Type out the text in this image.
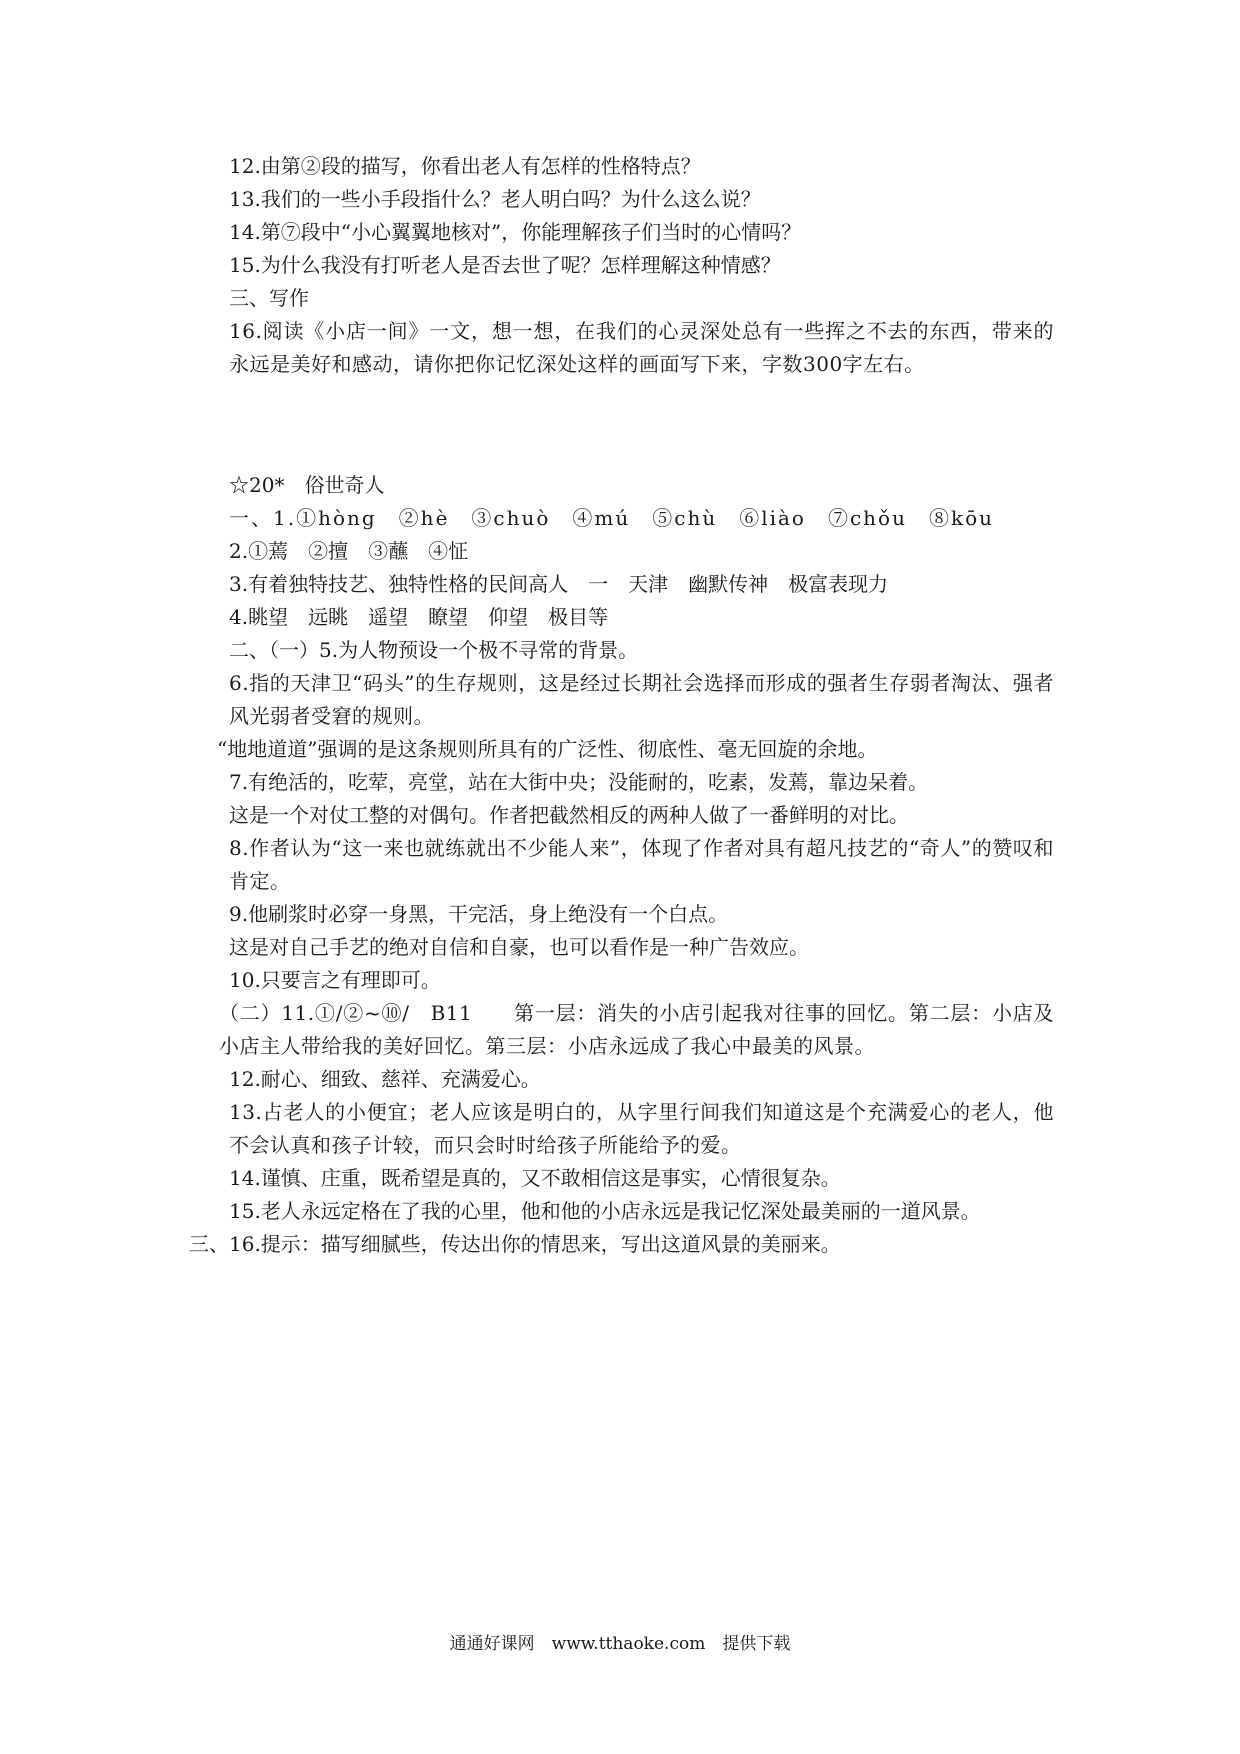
12.由第②段的描写，你看出老人有怎样的性格特点？
13.我们的一些小手段指什么？老人明白吗？为什么这么说？
14.第⑦段中“小心翼翼地核对”，你能理解孩子们当时的心情吗？
15.为什么我没有打听老人是否去世了呢？怎样理解这种情感？
三、写作
16.阅读《小店一间》一文，想一想，在我们的心灵深处总有一些挥之不去的东西，带来的永远是美好和感动，请你把你记忆深处这样的画面写下来，字数300字左右。
☆20*　俗世奇人
一、1.①hòng　②hè　③chuò　④mú　⑤chù　⑥liào　⑦chǒu　⑧kōu
2.①蔫　②擅　③蘸　④怔
3.有着独特技艺、独特性格的民间高人　一　天津　幽默传神　极富表现力
4.眺望　远眺　遥望　瞭望　仰望　极目等
二、（一）5.为人物预设一个极不寻常的背景。
6.指的天津卫“码头”的生存规则，这是经过长期社会选择而形成的强者生存弱者淘汰、强者风光弱者受窘的规则。
“地地道道”强调的是这条规则所具有的广泛性、彻底性、毫无回旋的余地。
7.有绝活的，吃荤，亮堂，站在大街中央；没能耐的，吃素，发蔫，靠边呆着。
这是一个对仗工整的对偶句。作者把截然相反的两种人做了一番鲜明的对比。
8.作者认为“这一来也就练就出不少能人来”，体现了作者对具有超凡技艺的“奇人”的赞叹和肯定。
9.他刷浆时必穿一身黑，干完活，身上绝没有一个白点。
这是对自己手艺的绝对自信和自豪，也可以看作是一种广告效应。
10.只要言之有理即可。
（二）11.①/②~⑩/　B11　　第一层：消失的小店引起我对往事的回忆。第二层：小店及小店主人带给我的美好回忆。第三层：小店永远成了我心中最美的风景。
12.耐心、细致、慈祥、充满爱心。
13.占老人的小便宜；老人应该是明白的，从字里行间我们知道这是个充满爱心的老人，他不会认真和孩子计较，而只会时时给孩子所能给予的爱。
14.谨慎、庄重，既希望是真的，又不敢相信这是事实，心情很复杂。
15.老人永远定格在了我的心里，他和他的小店永远是我记忆深处最美丽的一道风景。
三、16.提示：描写细腻些，传达出你的情思来，写出这道风景的美丽来。
通通好课网　www.tthaoke.com　提供下载
